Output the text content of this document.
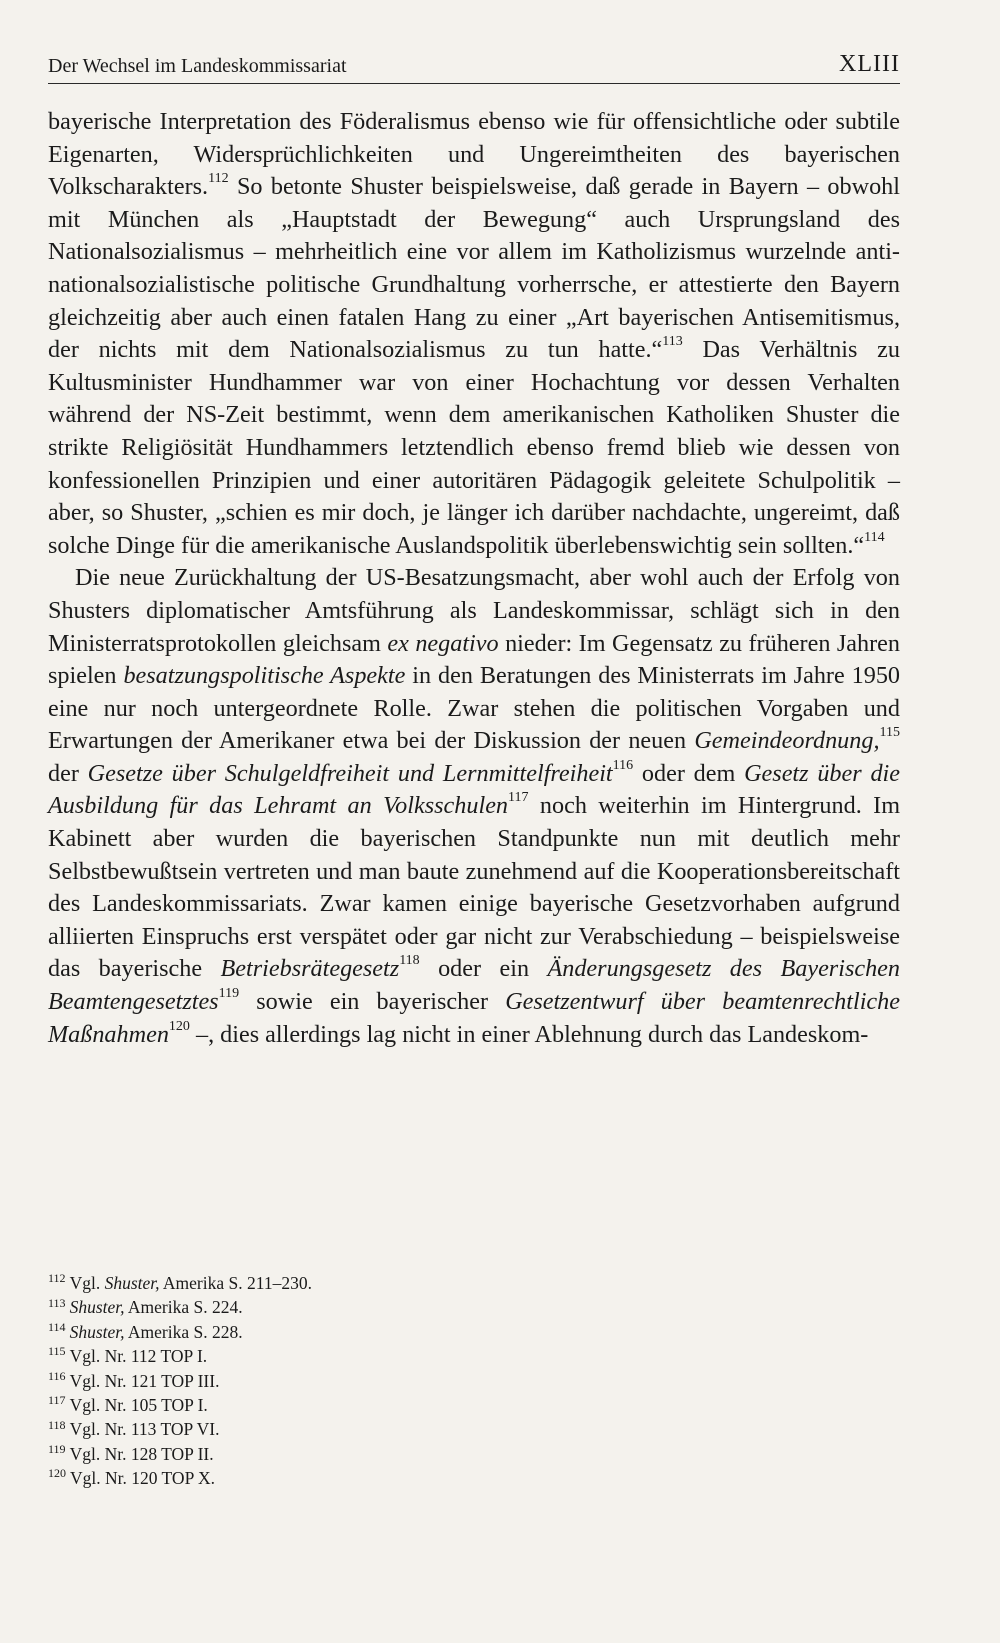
Der Wechsel im Landeskommissariat	XLIII

bayerische Interpretation des Föderalismus ebenso wie für offensichtliche oder subtile Eigenarten, Widersprüchlichkeiten und Ungereimtheiten des bayerischen Volkscharakters.$^{112}$ So betonte Shuster beispielsweise, daß gerade in Bayern – obwohl mit München als „Hauptstadt der Bewegung“ auch Ursprungsland des Nationalsozialismus – mehrheitlich eine vor allem im Katholizismus wurzelnde anti-nationalsozialistische politische Grundhaltung vorherrsche, er attestierte den Bayern gleichzeitig aber auch einen fatalen Hang zu einer „Art bayerischen Antisemitismus, der nichts mit dem Nationalsozialismus zu tun hatte.“$^{113}$ Das Verhältnis zu Kultusminister Hundhammer war von einer Hochachtung vor dessen Verhalten während der NS-Zeit bestimmt, wenn dem amerikanischen Katholiken Shuster die strikte Religiösität Hundhammers letztendlich ebenso fremd blieb wie dessen von konfessionellen Prinzipien und einer autoritären Pädagogik geleitete Schulpolitik – aber, so Shuster, „schien es mir doch, je länger ich darüber nachdachte, ungereimt, daß solche Dinge für die amerikanische Auslandspolitik überlebenswichtig sein sollten.“$^{114}$

Die neue Zurückhaltung der US-Besatzungsmacht, aber wohl auch der Erfolg von Shusters diplomatischer Amtsführung als Landeskommissar, schlägt sich in den Ministerratsprotokollen gleichsam ex negativo nieder: Im Gegensatz zu früheren Jahren spielen besatzungspolitische Aspekte in den Beratungen des Ministerrats im Jahre 1950 eine nur noch untergeordnete Rolle. Zwar stehen die politischen Vorgaben und Erwartungen der Amerikaner etwa bei der Diskussion der neuen Gemeindeordnung,$^{115}$ der Gesetze über Schulgeldfreiheit und Lernmittelfreiheit$^{116}$ oder dem Gesetz über die Ausbildung für das Lehramt an Volksschulen$^{117}$ noch weiterhin im Hintergrund. Im Kabinett aber wurden die bayerischen Standpunkte nun mit deutlich mehr Selbstbewußtsein vertreten und man baute zunehmend auf die Kooperationsbereitschaft des Landeskommissariats. Zwar kamen einige bayerische Gesetzvorhaben aufgrund alliierten Einspruchs erst verspätet oder gar nicht zur Verabschiedung – beispielsweise das bayerische Betriebsrätegesetz$^{118}$ oder ein Änderungsgesetz des Bayerischen Beamtengesetztes$^{119}$ sowie ein bayerischer Gesetzentwurf über beamtenrechtliche Maßnahmen$^{120}$ –, dies allerdings lag nicht in einer Ablehnung durch das Landeskom-

$^{112}$ Vgl. Shuster, Amerika S. 211–230.
$^{113}$ Shuster, Amerika S. 224.
$^{114}$ Shuster, Amerika S. 228.
$^{115}$ Vgl. Nr. 112 TOP I.
$^{116}$ Vgl. Nr. 121 TOP III.
$^{117}$ Vgl. Nr. 105 TOP I.
$^{118}$ Vgl. Nr. 113 TOP VI.
$^{119}$ Vgl. Nr. 128 TOP II.
$^{120}$ Vgl. Nr. 120 TOP X.
